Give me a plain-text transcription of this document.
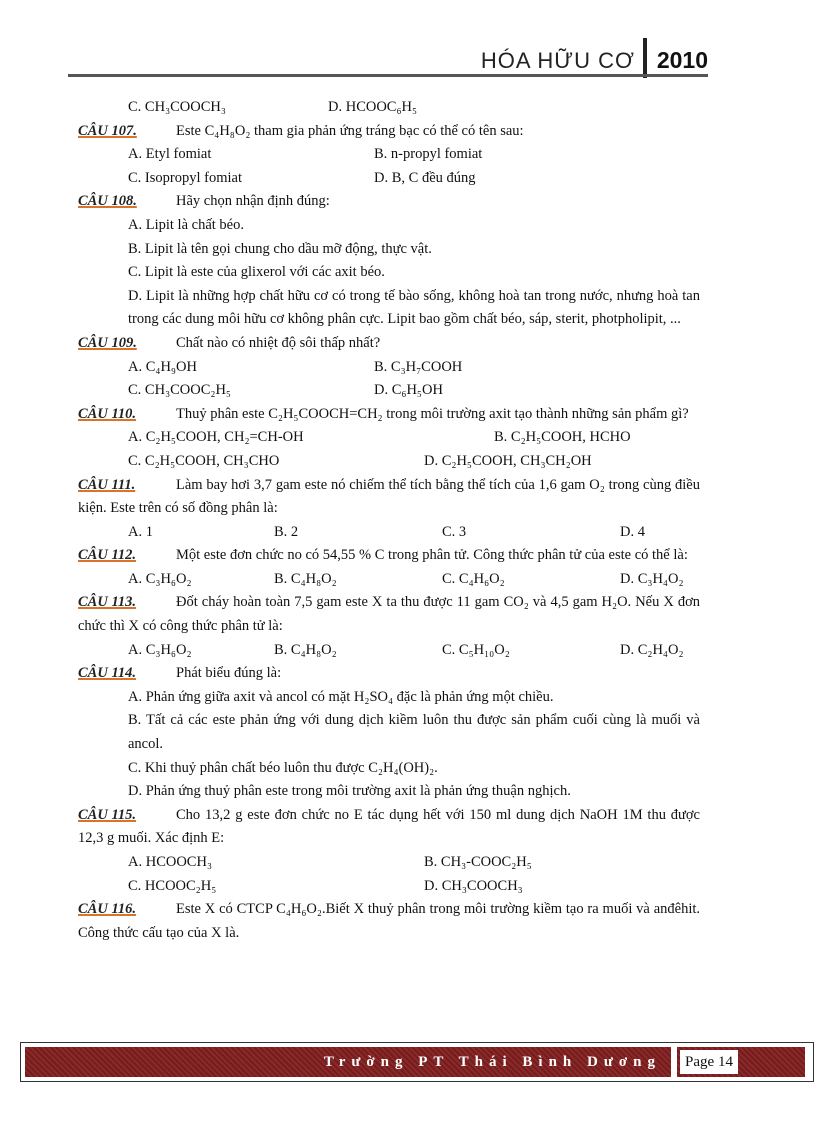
HÓA HỮU CƠ 2010
C. CH₃COOCH₃	D. HCOOC₆H₅
CÂU 107.	Este C₄H₈O₂ tham gia phản ứng tráng bạc có thể có tên sau:
A. Etyl fomiat	B. n-propyl fomiat
C. Isopropyl fomiat	D. B, C đều đúng
CÂU 108.	Hãy chọn nhận định đúng:
A. Lipit là chất béo.
B. Lipit là tên gọi chung cho dầu mỡ động, thực vật.
C. Lipit là este của glixerol với các axit béo.
D. Lipit là những hợp chất hữu cơ có trong tế bào sống, không hoà tan trong nước, nhưng hoà tan trong các dung môi hữu cơ không phân cực. Lipit bao gồm chất béo, sáp, sterit, photpholipit, ...
CÂU 109.	Chất nào có nhiệt độ sôi thấp nhất?
A. C₄H₉OH	B. C₃H₇COOH
C. CH₃COOC₂H₅	D. C₆H₅OH
CÂU 110.	Thuỷ phân este C₂H₅COOCH=CH₂ trong môi trường axit tạo thành những sản phẩm gì?
A. C₂H₅COOH, CH₂=CH-OH	B. C₂H₅COOH, HCHO
C. C₂H₅COOH, CH₃CHO	D. C₂H₅COOH, CH₃CH₂OH
CÂU 111.	Làm bay hơi 3,7 gam este nó chiếm thể tích bằng thể tích của 1,6 gam O₂ trong cùng điều kiện. Este trên có số đồng phân là:
A. 1	B. 2	C. 3	D. 4
CÂU 112.	Một este đơn chức no có 54,55 % C trong phân tử. Công thức phân tử của este có thể là:
A. C₃H₆O₂	B. C₄H₈O₂	C. C₄H₆O₂	D. C₃H₄O₂
CÂU 113.	Đốt cháy hoàn toàn 7,5 gam este X ta thu được 11 gam CO₂ và 4,5 gam H₂O. Nếu X đơn chức thì X có công thức phân tử là:
A. C₃H₆O₂	B. C₄H₈O₂	C. C₅H₁₀O₂	D. C₂H₄O₂
CÂU 114.	Phát biểu đúng là:
A. Phản ứng giữa axit và ancol có mặt H₂SO₄ đặc là phản ứng một chiều.
B. Tất cả các este phản ứng với dung dịch kiềm luôn thu được sản phẩm cuối cùng là muối và ancol.
C. Khi thuỷ phân chất béo luôn thu được C₂H₄(OH)₂.
D. Phản ứng thuỷ phân este trong môi trường axit là phản ứng thuận nghịch.
CÂU 115.	Cho 13,2 g este đơn chức no E tác dụng hết với 150 ml dung dịch NaOH 1M thu được 12,3 g muối. Xác định E:
A. HCOOCH₃	B. CH₃-COOC₂H₅
C. HCOOC₂H₅	D. CH₃COOCH₃
CÂU 116.	Este X có CTCP C₄H₆O₂.Biết X thuỷ phân trong môi trường kiềm tạo ra muối và anđêhit. Công thức cấu tạo của X là.
Trường PT Thái Bình Dương	Page 14
